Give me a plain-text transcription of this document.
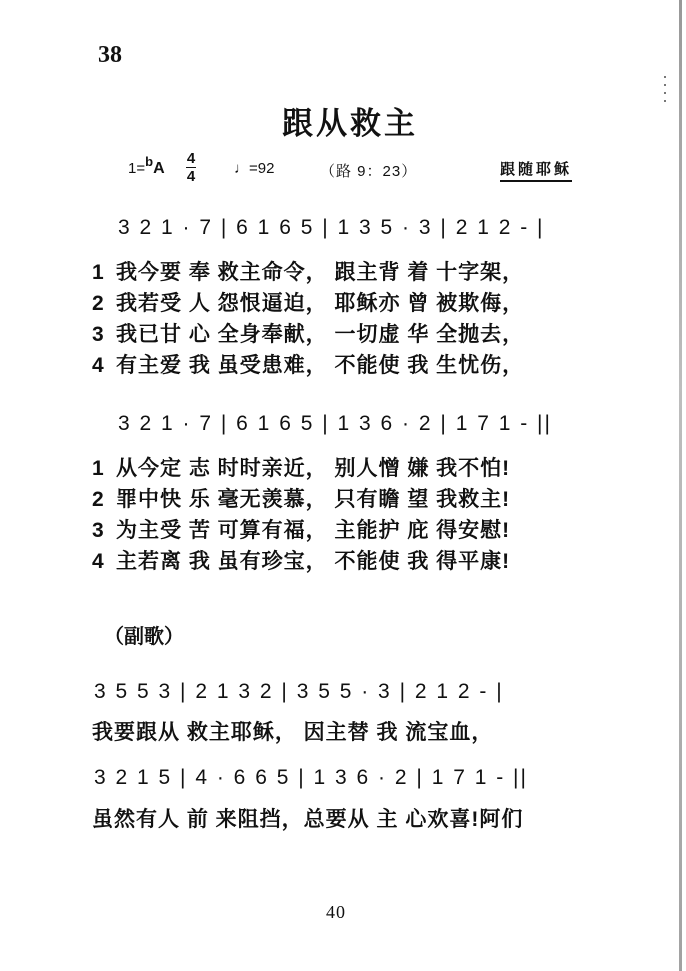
38
跟从救主
1=bA
4
4	♩=92	（路 9：23）	跟随耶稣
3 2 1 · 7 | 6 1 6 5 | 1 3 5 · 3 | 2 1 2 - |
1 我今要 奉 救主命令， 跟主背 着 十字架，
2 我若受 人 怨恨逼迫， 耶稣亦 曾 被欺侮，
3 我已甘 心 全身奉献， 一切虚 华 全抛去，
4 有主爱 我 虽受患难， 不能使 我 生忧伤，
3 2 1 · 7 | 6 1 6 5 | 1 3 6 · 2 | 1 7 1 - ||
1 从今定 志 时时亲近， 别人憎 嫌 我不怕!
2 罪中快 乐 毫无羡慕， 只有瞻 望 我救主!
3 为主受 苦 可算有福， 主能护 庇 得安慰!
4 主若离 我 虽有珍宝， 不能使 我 得平康!
（副歌）
3 5 5 3 | 2 1 3 2 | 3 5 5 · 3 | 2 1 2 - |
我要跟从 救主耶稣， 因主替 我 流宝血，
3 2 1 5 | 4 · 6 6 5 | 1 3 6 · 2 | 1 7 1 - ||
虽然有人 前 来阻挡，总要从 主 心欢喜!阿们
40
